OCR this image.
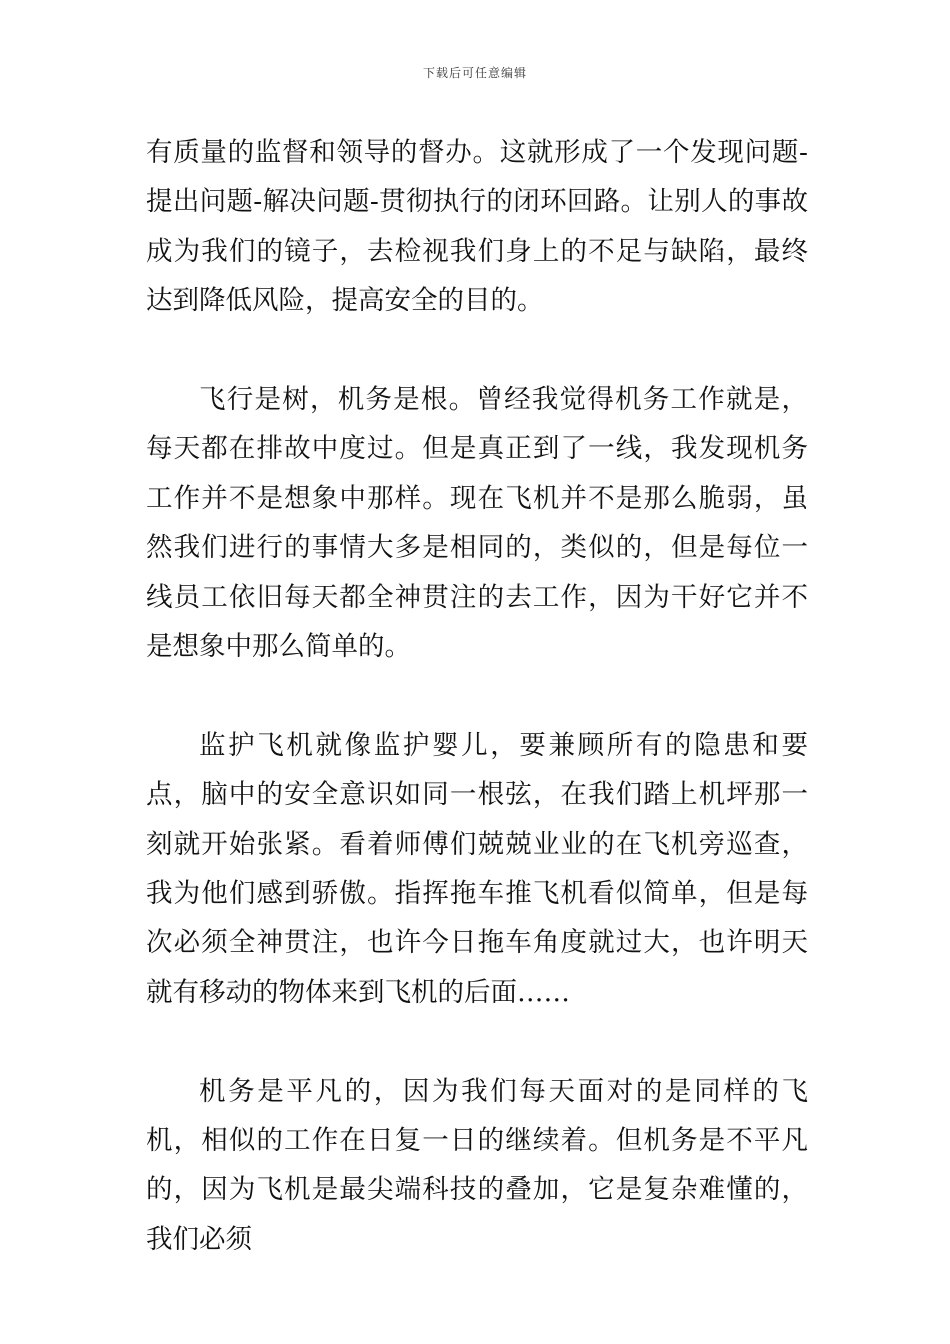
下载后可任意编辑

有质量的监督和领导的督办。这就形成了一个发现问题-提出问题-解决问题-贯彻执行的闭环回路。让别人的事故成为我们的镜子，去检视我们身上的不足与缺陷，最终达到降低风险，提高安全的目的。

飞行是树，机务是根。曾经我觉得机务工作就是，每天都在排故中度过。但是真正到了一线，我发现机务工作并不是想象中那样。现在飞机并不是那么脆弱，虽然我们进行的事情大多是相同的，类似的，但是每位一线员工依旧每天都全神贯注的去工作，因为干好它并不是想象中那么简单的。

监护飞机就像监护婴儿，要兼顾所有的隐患和要点，脑中的安全意识如同一根弦，在我们踏上机坪那一刻就开始张紧。看着师傅们兢兢业业的在飞机旁巡查，我为他们感到骄傲。指挥拖车推飞机看似简单，但是每次必须全神贯注，也许今日拖车角度就过大，也许明天就有移动的物体来到飞机的后面……

机务是平凡的，因为我们每天面对的是同样的飞机，相似的工作在日复一日的继续着。但机务是不平凡的，因为飞机是最尖端科技的叠加，它是复杂难懂的，我们必须
